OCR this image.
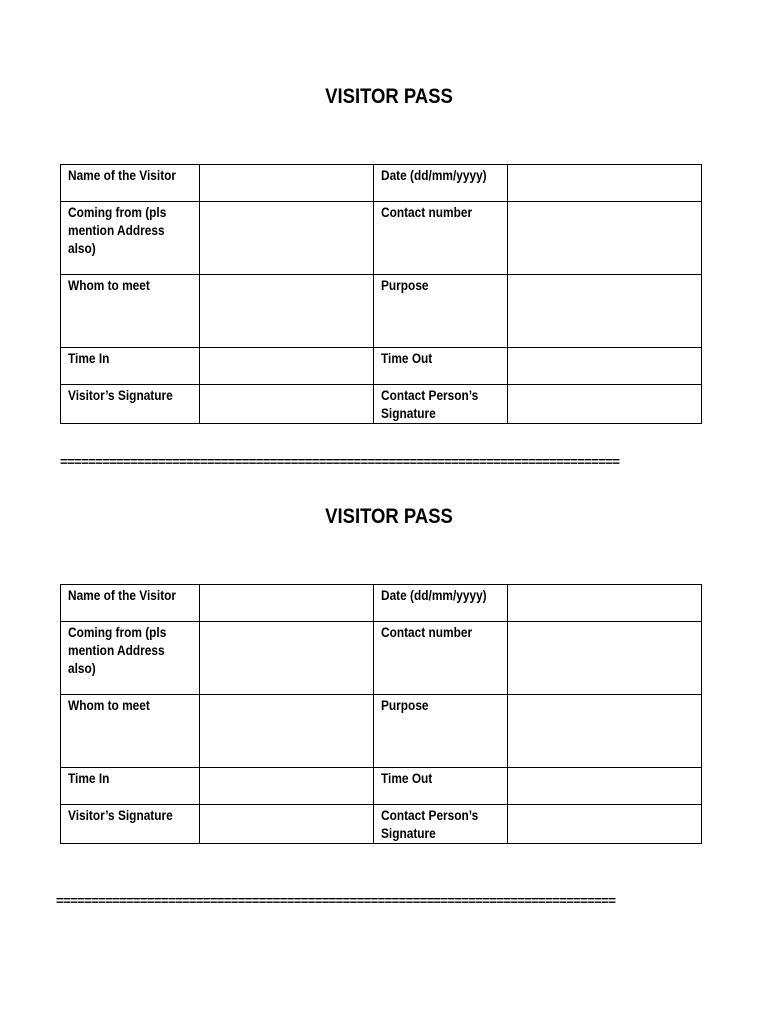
VISITOR PASS
Name of the Visitor		Date (dd/mm/yyyy)	
Coming from (pls
mention Address
also)		Contact number	
Whom to meet		Purpose	
Time In		Time Out	
Visitor’s Signature		Contact Person’s
Signature	
================================================================================
VISITOR PASS
Name of the Visitor		Date (dd/mm/yyyy)	
Coming from (pls
mention Address
also)		Contact number	
Whom to meet		Purpose	
Time In		Time Out	
Visitor’s Signature		Contact Person’s
Signature	
================================================================================
